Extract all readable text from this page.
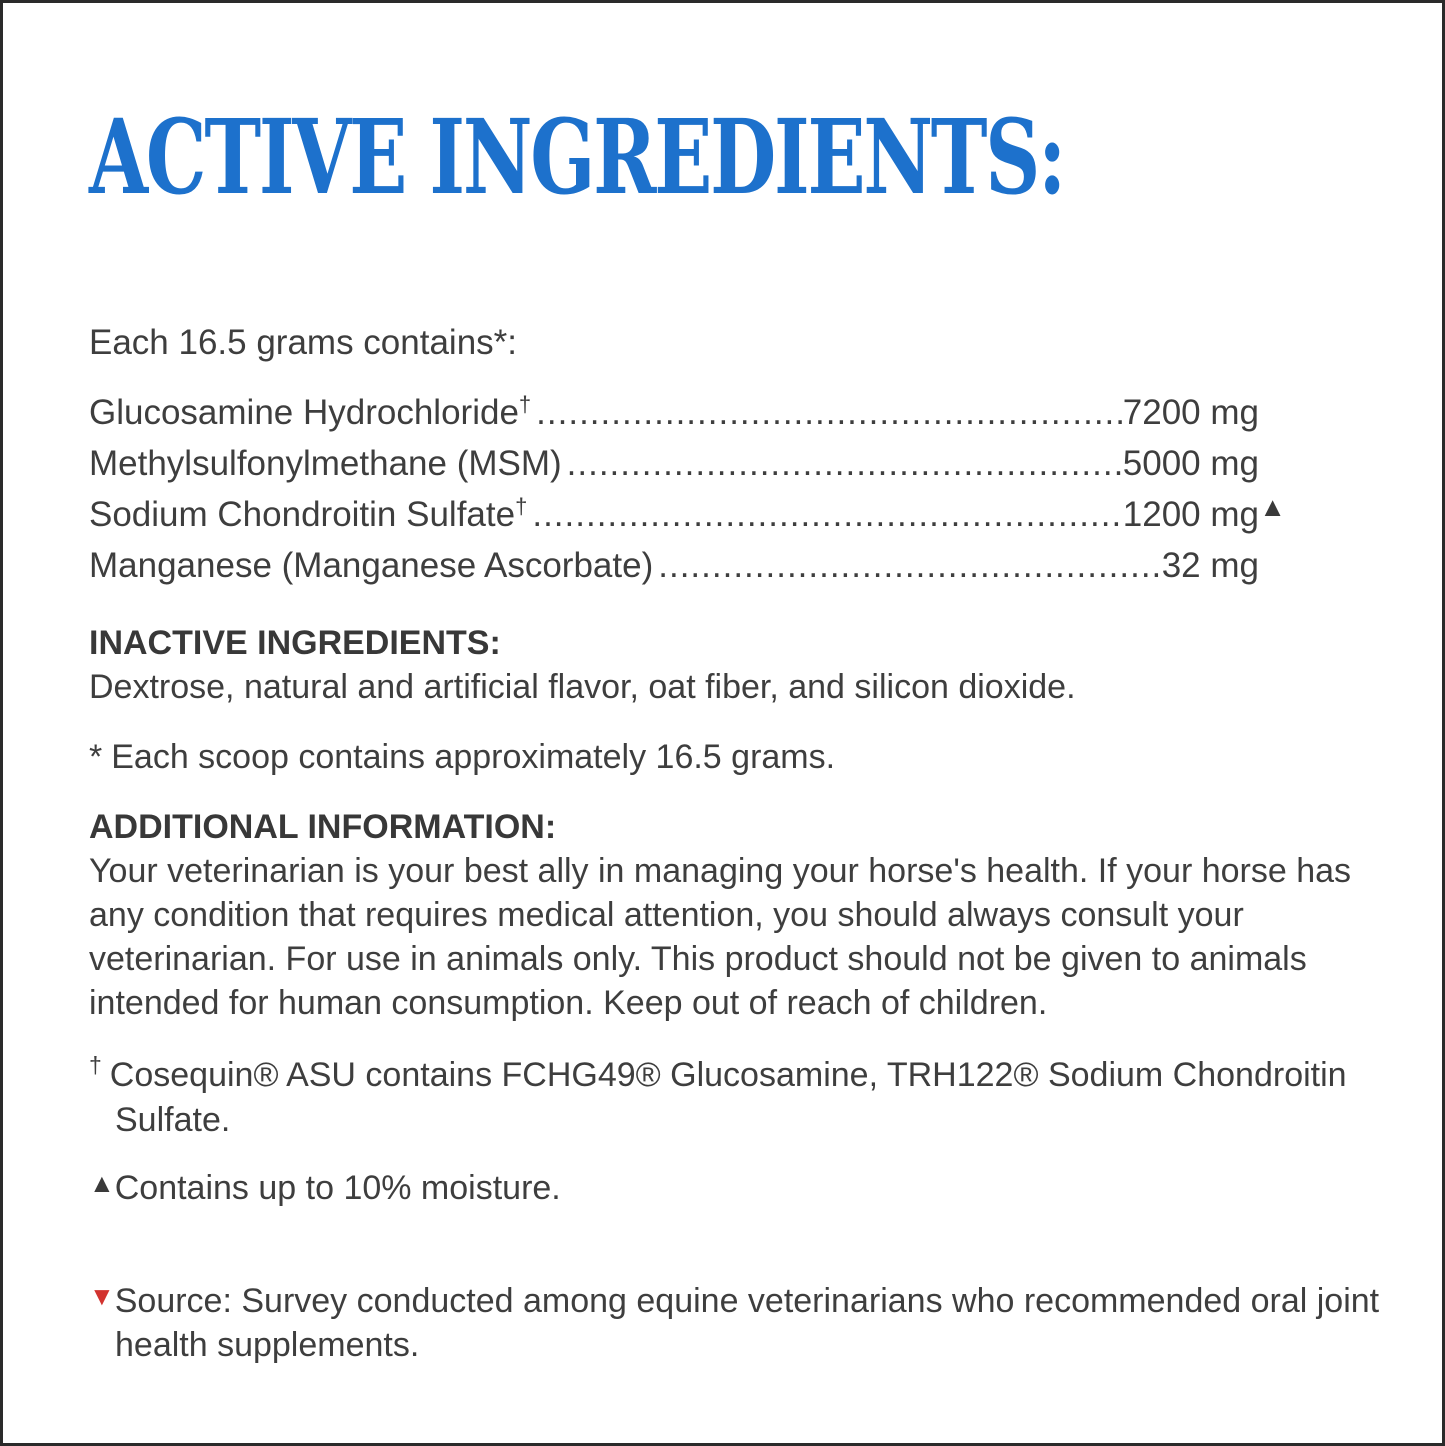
ACTIVE INGREDIENTS:
Each 16.5 grams contains*:
Glucosamine Hydrochloride† .....	7200 mg
Methylsulfonylmethane (MSM) .....	5000 mg
Sodium Chondroitin Sulfate† .....	1200 mg ▲
Manganese (Manganese Ascorbate) .....	32 mg
INACTIVE INGREDIENTS:
Dextrose, natural and artificial flavor, oat fiber, and silicon dioxide.
* Each scoop contains approximately 16.5 grams.
ADDITIONAL INFORMATION:

Your veterinarian is your best ally in managing your horse's health. If your horse has any condition that requires medical attention, you should always consult your veterinarian. For use in animals only. This product should not be given to animals intended for human consumption. Keep out of reach of children.

† Cosequin® ASU contains FCHG49® Glucosamine, TRH122® Sodium Chondroitin Sulfate.
▲Contains up to 10% moisture.
▼Source: Survey conducted among equine veterinarians who recommended oral joint health supplements.
